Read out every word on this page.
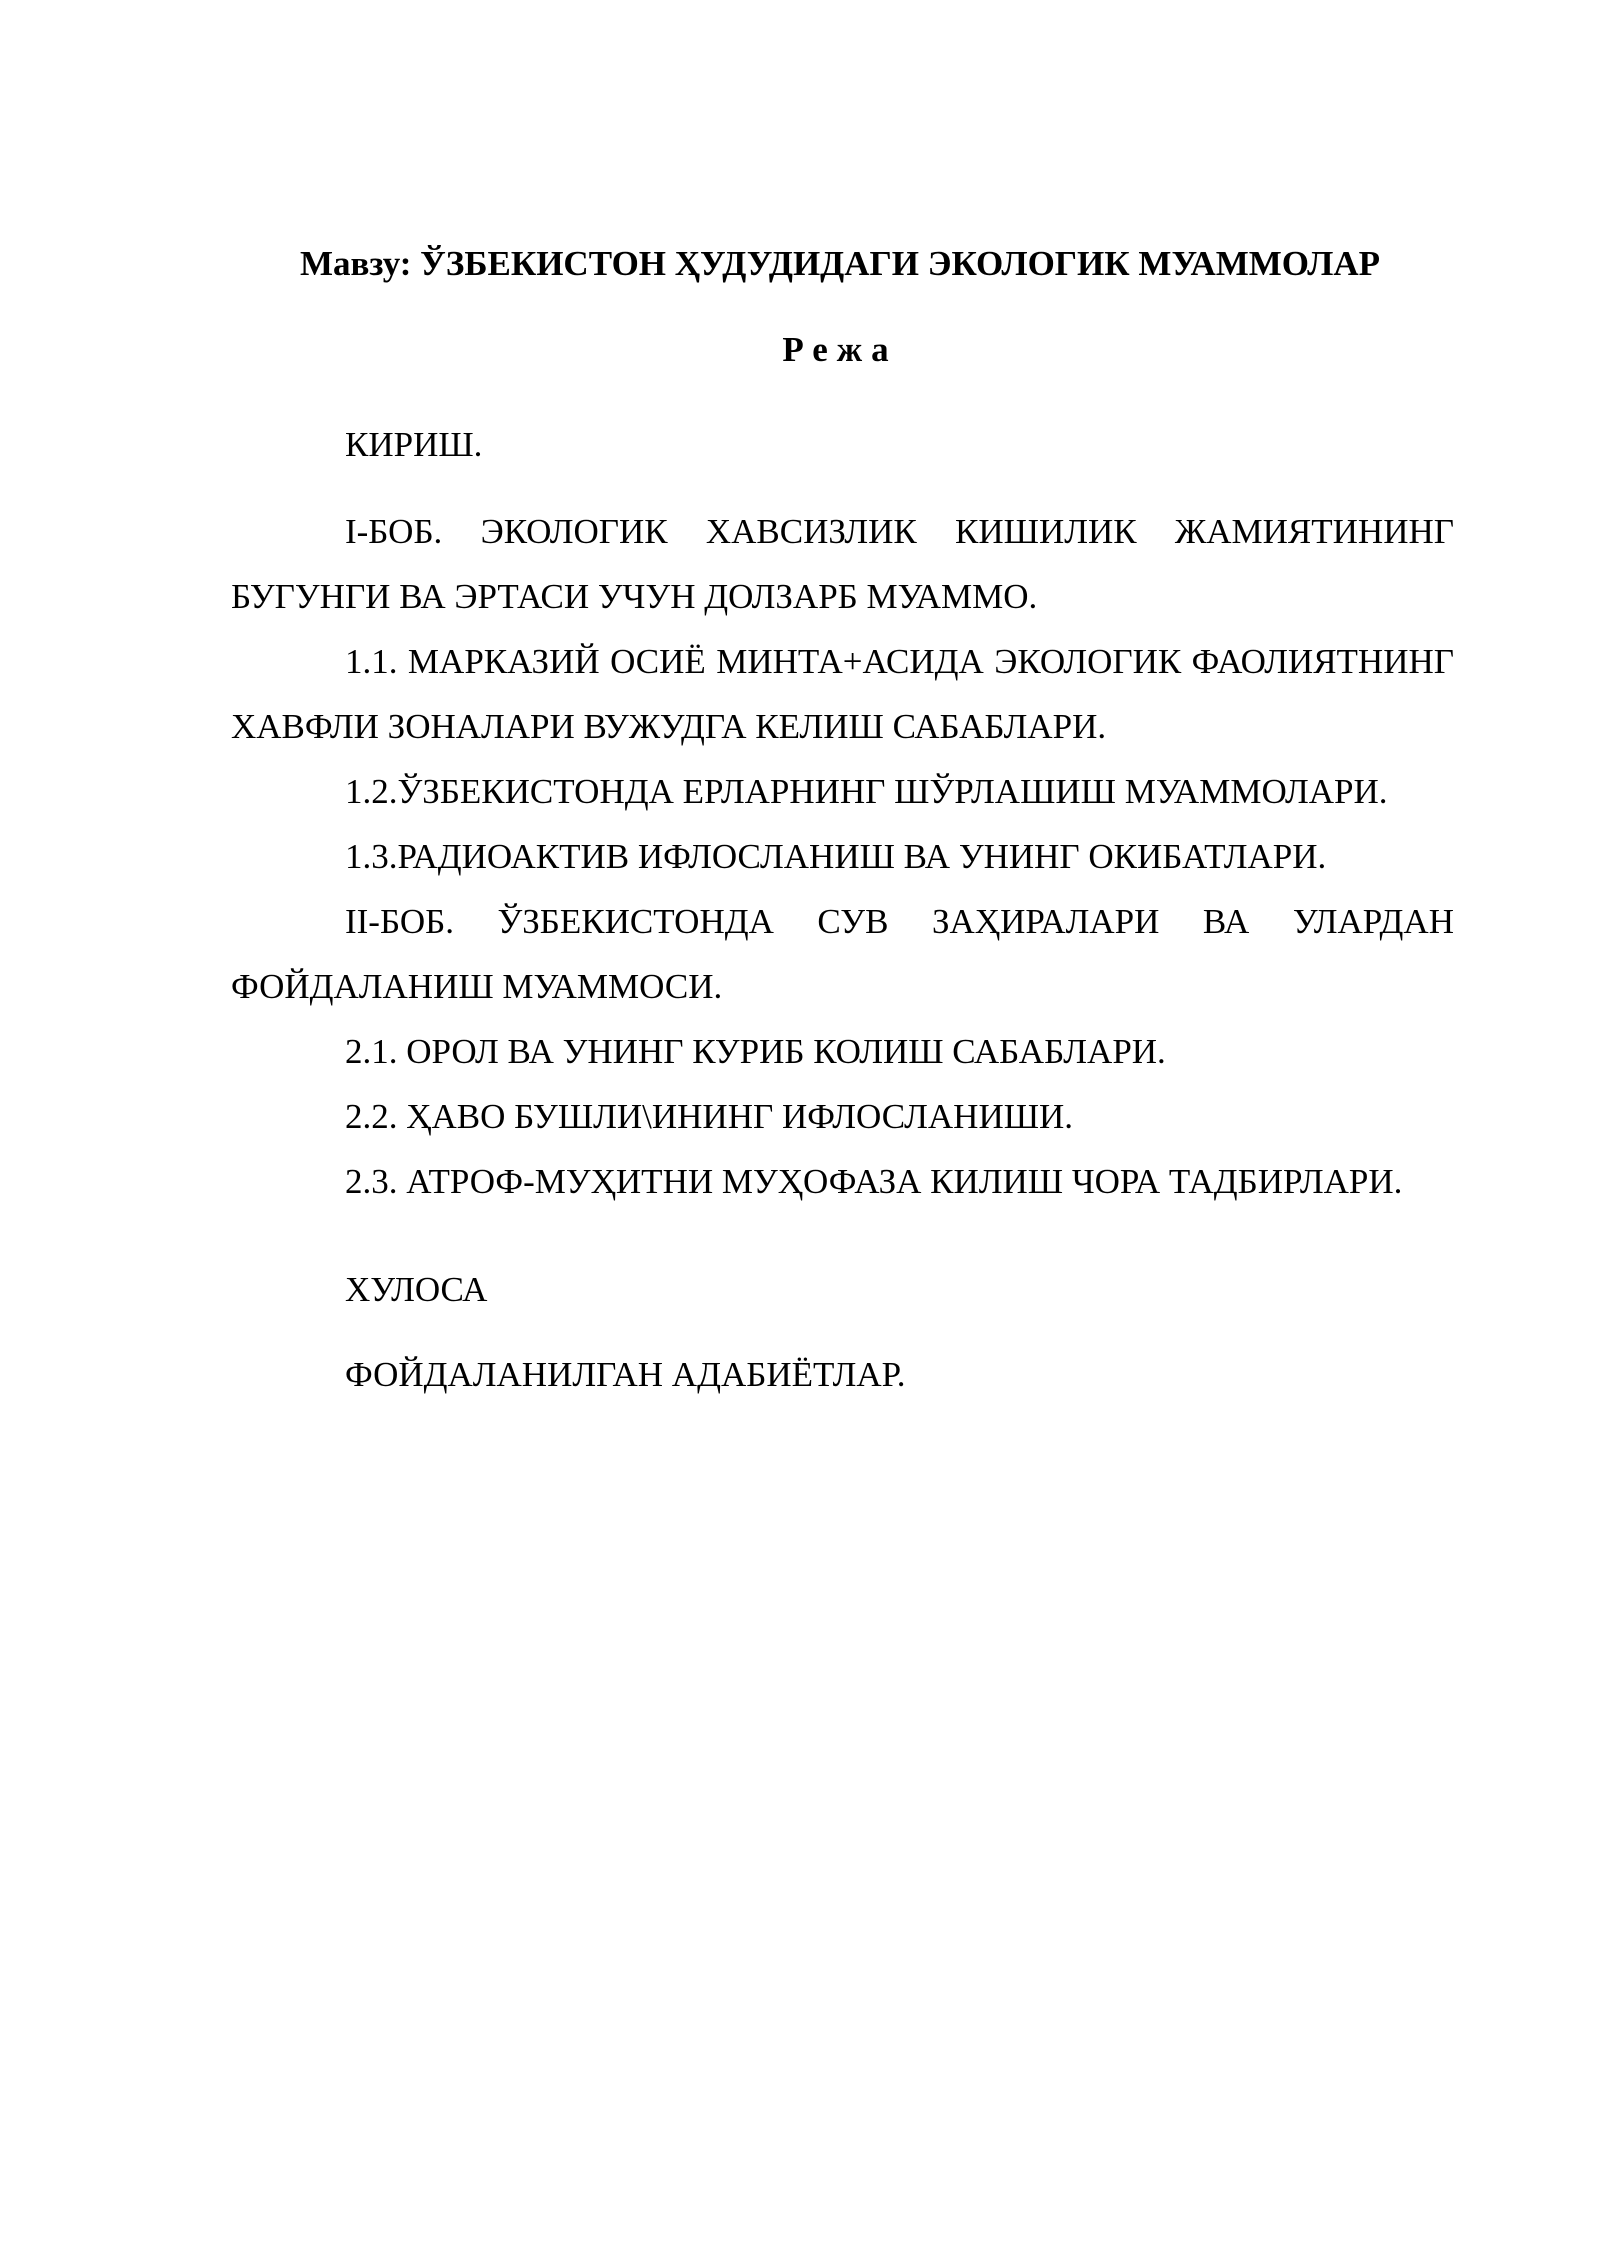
Мавзу: ЎЗБЕКИСТОН ҲУДУДИДАГИ ЭКОЛОГИК МУАММОЛАР

Режа

КИРИШ.

I-БОБ. ЭКОЛОГИК ХАВСИЗЛИК КИШИЛИК ЖАМИЯТИНИНГ БУГУНГИ ВА ЭРТАСИ УЧУН ДОЛЗАРБ МУАММО.

1.1. МАРКАЗИЙ ОСИЁ МИНТА+АСИДА ЭКОЛОГИК ФАОЛИЯТНИНГ ХАВФЛИ ЗОНАЛАРИ ВУЖУДГА КЕЛИШ САБАБЛАРИ.

1.2.ЎЗБЕКИСТОНДА ЕРЛАРНИНГ ШЎРЛАШИШ МУАММОЛАРИ.

1.3.РАДИОАКТИВ ИФЛОСЛАНИШ ВА УНИНГ ОКИБАТЛАРИ.

II-БОБ. ЎЗБЕКИСТОНДА СУВ ЗАҲИРАЛАРИ ВА УЛАРДАН ФОЙДАЛАНИШ МУАММОСИ.

2.1. ОРОЛ ВА УНИНГ КУРИБ КОЛИШ САБАБЛАРИ.

2.2. ҲАВО БУШЛИ\ИНИНГ ИФЛОСЛАНИШИ.

2.3. АТРОФ-МУҲИТНИ МУҲОФАЗА КИЛИШ ЧОРА ТАДБИРЛАРИ.

ХУЛОСА

ФОЙДАЛАНИЛГАН АДАБИЁТЛАР.
